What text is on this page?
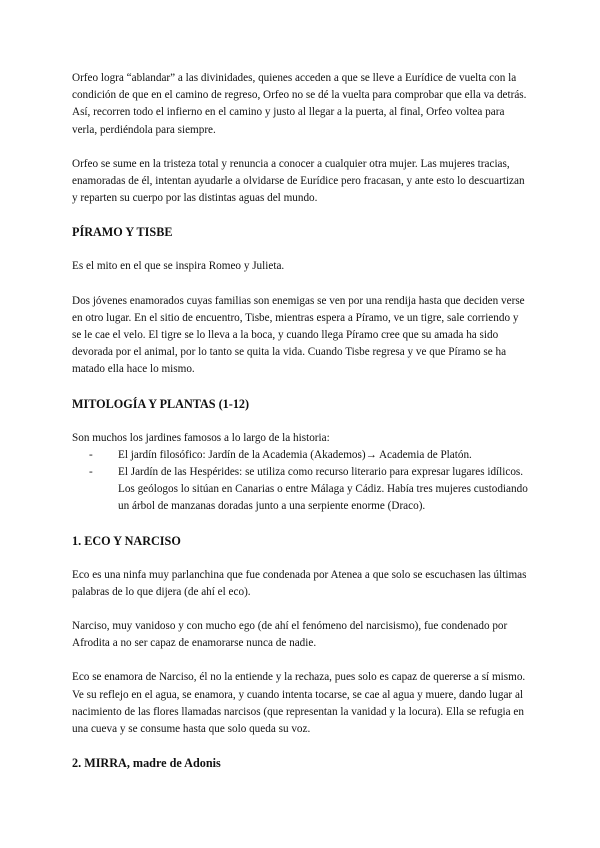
Orfeo logra “ablandar” a las divinidades, quienes acceden a que se lleve a Eurídice de vuelta con la condición de que en el camino de regreso, Orfeo no se dé la vuelta para comprobar que ella va detrás. Así, recorren todo el infierno en el camino y justo al llegar a la puerta, al final, Orfeo voltea para verla, perdiéndola para siempre.

Orfeo se sume en la tristeza total y renuncia a conocer a cualquier otra mujer. Las mujeres tracias, enamoradas de él, intentan ayudarle a olvidarse de Eurídice pero fracasan, y ante esto lo descuartizan y reparten su cuerpo por las distintas aguas del mundo.

PÍRAMO Y TISBE

Es el mito en el que se inspira Romeo y Julieta.

Dos jóvenes enamorados cuyas familias son enemigas se ven por una rendija hasta que deciden verse en otro lugar. En el sitio de encuentro, Tisbe, mientras espera a Píramo, ve un tigre, sale corriendo y se le cae el velo. El tigre se lo lleva a la boca, y cuando llega Píramo cree que su amada ha sido devorada por el animal, por lo tanto se quita la vida. Cuando Tisbe regresa y ve que Píramo se ha matado ella hace lo mismo.

MITOLOGÍA Y PLANTAS (1-12)

Son muchos los jardines famosos a lo largo de la historia:

- El jardín filosófico: Jardín de la Academia (Akademos)→ Academia de Platón.
- El Jardín de las Hespérides: se utiliza como recurso literario para expresar lugares idílicos. Los geólogos lo sitúan en Canarias o entre Málaga y Cádiz. Había tres mujeres custodiando un árbol de manzanas doradas junto a una serpiente enorme (Draco).
1. ECO Y NARCISO

Eco es una ninfa muy parlanchina que fue condenada por Atenea a que solo se escuchasen las últimas palabras de lo que dijera (de ahí el eco).

Narciso, muy vanidoso y con mucho ego (de ahí el fenómeno del narcisismo), fue condenado por Afrodita a no ser capaz de enamorarse nunca de nadie.

Eco se enamora de Narciso, él no la entiende y la rechaza, pues solo es capaz de quererse a sí mismo. Ve su reflejo en el agua, se enamora, y cuando intenta tocarse, se cae al agua y muere, dando lugar al nacimiento de las flores llamadas narcisos (que representan la vanidad y la locura). Ella se refugia en una cueva y se consume hasta que solo queda su voz.

2. MIRRA, madre de Adonis
